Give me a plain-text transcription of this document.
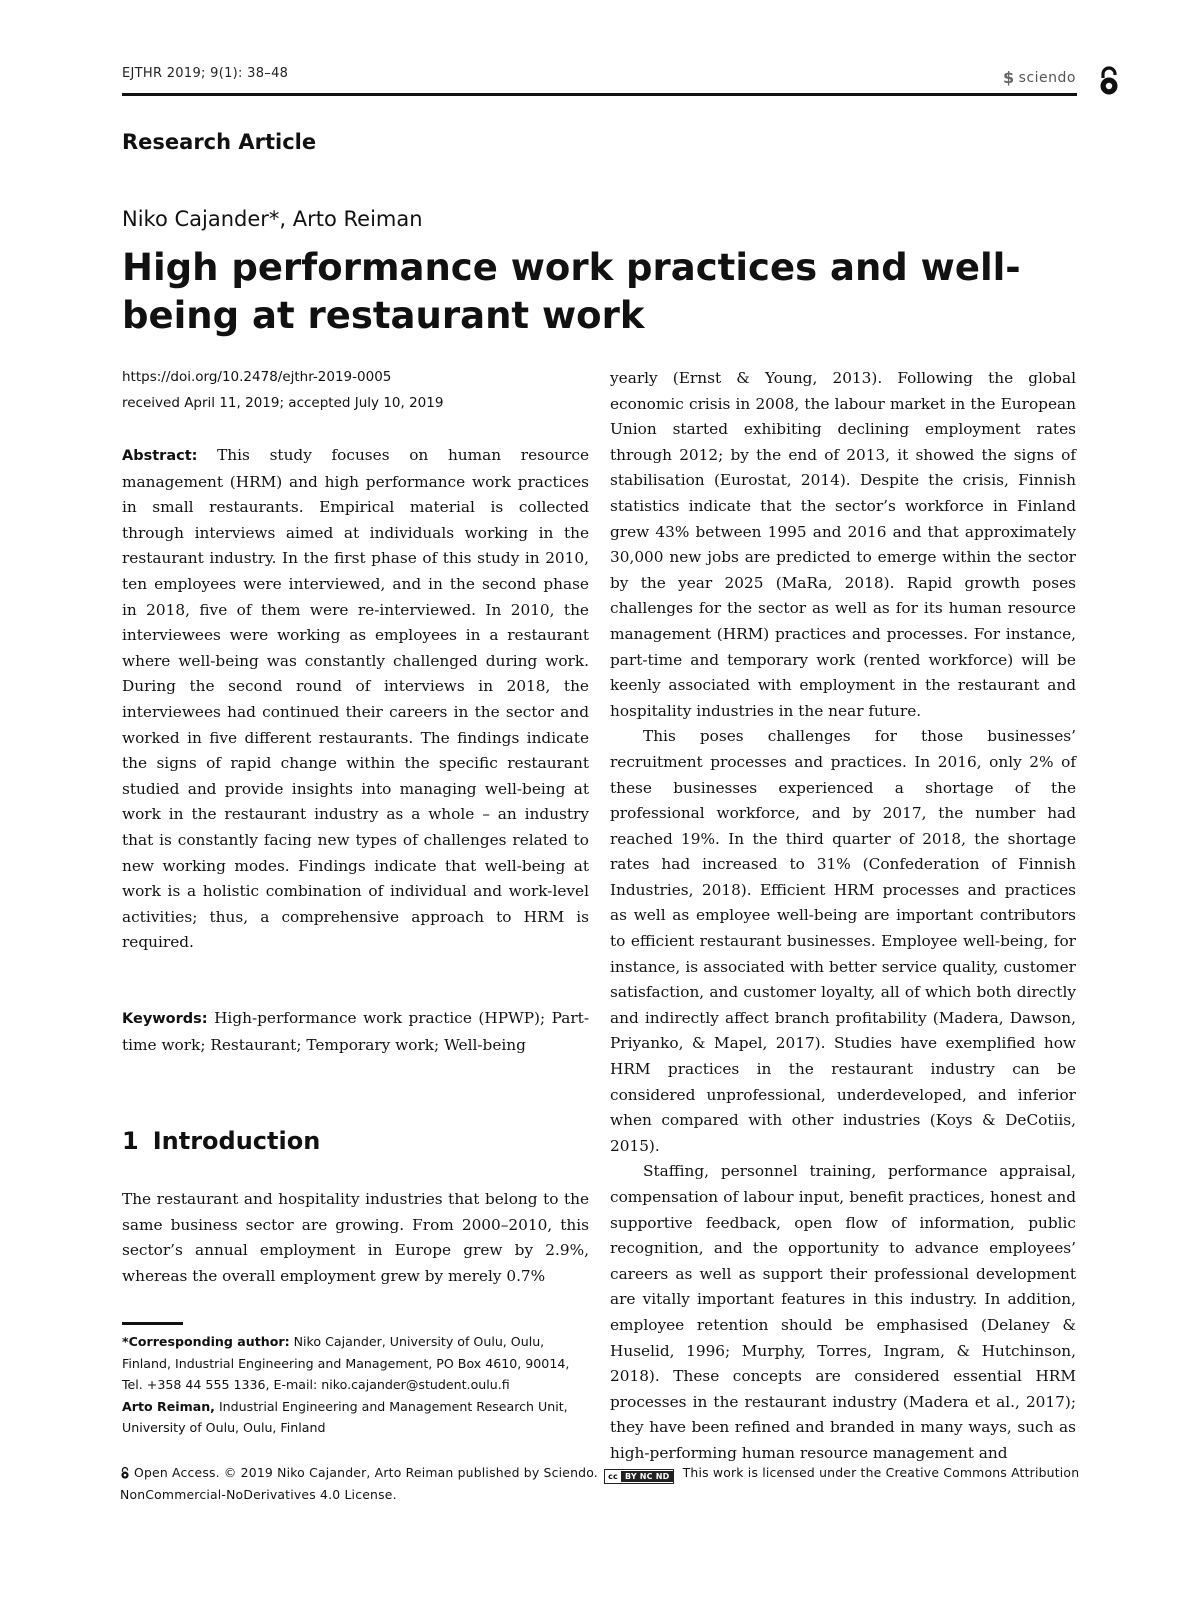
EJTHR 2019; 9(1): 38–48	$ sciendo
Research Article
Niko Cajander*, Arto Reiman
High performance work practices and well-being at restaurant work
https://doi.org/10.2478/ejthr-2019-0005
received April 11, 2019; accepted July 10, 2019

Abstract: This study focuses on human resource management (HRM) and high performance work practices in small restaurants. Empirical material is collected through interviews aimed at individuals working in the restaurant industry. In the first phase of this study in 2010, ten employees were interviewed, and in the second phase in 2018, five of them were re-interviewed. In 2010, the interviewees were working as employees in a restaurant where well-being was constantly challenged during work. During the second round of interviews in 2018, the interviewees had continued their careers in the sector and worked in five different restaurants. The findings indicate the signs of rapid change within the specific restaurant studied and provide insights into managing well-being at work in the restaurant industry as a whole – an industry that is constantly facing new types of challenges related to new working modes. Findings indicate that well-being at work is a holistic combination of individual and work-level activities; thus, a comprehensive approach to HRM is required.

Keywords: High-performance work practice (HPWP); Part-time work; Restaurant; Temporary work; Well-being

1 Introduction

The restaurant and hospitality industries that belong to the same business sector are growing. From 2000–2010, this sector’s annual employment in Europe grew by 2.9%, whereas the overall employment grew by merely 0.7%

yearly (Ernst & Young, 2013). Following the global economic crisis in 2008, the labour market in the European Union started exhibiting declining employment rates through 2012; by the end of 2013, it showed the signs of stabilisation (Eurostat, 2014). Despite the crisis, Finnish statistics indicate that the sector’s workforce in Finland grew 43% between 1995 and 2016 and that approximately 30,000 new jobs are predicted to emerge within the sector by the year 2025 (MaRa, 2018). Rapid growth poses challenges for the sector as well as for its human resource management (HRM) practices and processes. For instance, part-time and temporary work (rented workforce) will be keenly associated with employment in the restaurant and hospitality industries in the near future.

This poses challenges for those businesses’ recruitment processes and practices. In 2016, only 2% of these businesses experienced a shortage of the professional workforce, and by 2017, the number had reached 19%. In the third quarter of 2018, the shortage rates had increased to 31% (Confederation of Finnish Industries, 2018). Efficient HRM processes and practices as well as employee well-being are important contributors to efficient restaurant businesses. Employee well-being, for instance, is associated with better service quality, customer satisfaction, and customer loyalty, all of which both directly and indirectly affect branch profitability (Madera, Dawson, Priyanko, & Mapel, 2017). Studies have exemplified how HRM practices in the restaurant industry can be considered unprofessional, underdeveloped, and inferior when compared with other industries (Koys & DeCotiis, 2015).

Staffing, personnel training, performance appraisal, compensation of labour input, benefit practices, honest and supportive feedback, open flow of information, public recognition, and the opportunity to advance employees’ careers as well as support their professional development are vitally important features in this industry. In addition, employee retention should be emphasised (Delaney & Huselid, 1996; Murphy, Torres, Ingram, & Hutchinson, 2018). These concepts are considered essential HRM processes in the restaurant industry (Madera et al., 2017); they have been refined and branded in many ways, such as high-performing human resource management and

*Corresponding author: Niko Cajander, University of Oulu, Oulu, Finland, Industrial Engineering and Management, PO Box 4610, 90014, Tel. +358 44 555 1336, E-mail: niko.cajander@student.oulu.fi

Arto Reiman, Industrial Engineering and Management Research Unit, University of Oulu, Oulu, Finland

Open Access. © 2019 Niko Cajander, Arto Reiman published by Sciendo.	cc BY NC ND	This work is licensed under the Creative Commons Attribution NonCommercial-NoDerivatives 4.0 License.
